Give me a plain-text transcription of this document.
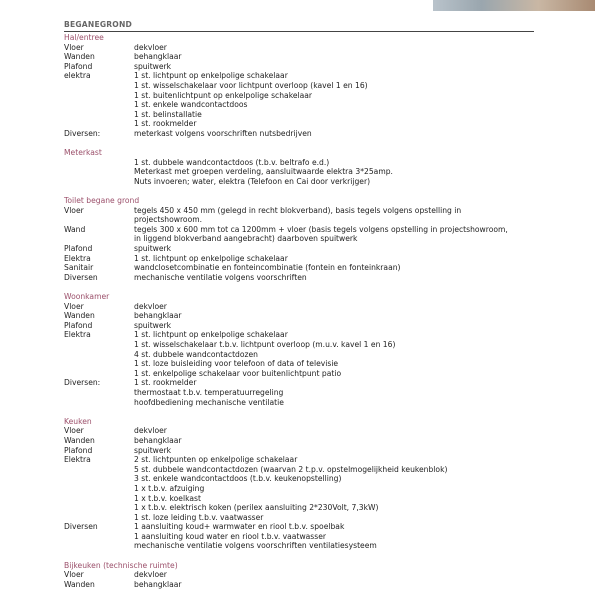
BEGANEGROND
Hal/entree
Vloer	dekvloer
Wanden	behangklaar
Plafond	spuitwerk
elektra	1 st. lichtpunt op enkelpolige schakelaar
1 st. wisselschakelaar voor lichtpunt overloop (kavel 1 en 16)
1 st. buitenlichtpunt op enkelpolige schakelaar
1 st. enkele wandcontactdoos
1 st. belinstallatie
1 st. rookmelder
Diversen:	meterkast volgens voorschriften nutsbedrijven
Meterkast
1 st. dubbele wandcontactdoos (t.b.v. beltrafo e.d.)
Meterkast met groepen verdeling, aansluitwaarde elektra 3*25amp.
Nuts invoeren; water, elektra (Telefoon en Cai door verkrijger)
Toilet begane grond
Vloer	tegels 450 x 450 mm (gelegd in recht blokverband), basis tegels volgens opstelling in
projectshowroom.
Wand	tegels 300 x 600 mm tot ca 1200mm + vloer (basis tegels volgens opstelling in projectshowroom,
in liggend blokverband aangebracht) daarboven spuitwerk
Plafond	spuitwerk
Elektra	1 st. lichtpunt op enkelpolige schakelaar
Sanitair	wandclosetcombinatie en fonteincombinatie (fontein en fonteinkraan)
Diversen	mechanische ventilatie volgens voorschriften
Woonkamer
Vloer	dekvloer
Wanden	behangklaar
Plafond	spuitwerk
Elektra	1 st. lichtpunt op enkelpolige schakelaar
1 st. wisselschakelaar t.b.v. lichtpunt overloop (m.u.v. kavel 1 en 16)
4 st. dubbele wandcontactdozen
1 st. loze buisleiding voor telefoon of data of televisie
1 st. enkelpolige schakelaar voor buitenlichtpunt patio
Diversen:	1 st. rookmelder
thermostaat t.b.v. temperatuurregeling
hoofdbediening mechanische ventilatie
Keuken
Vloer	dekvloer
Wanden	behangklaar
Plafond	spuitwerk
Elektra	2 st. lichtpunten op enkelpolige schakelaar
5 st. dubbele wandcontactdozen (waarvan 2 t.p.v. opstelmogelijkheid keukenblok)
3 st. enkele wandcontactdoos (t.b.v. keukenopstelling)
1 x t.b.v. afzuiging
1 x t.b.v. koelkast
1 x t.b.v. elektrisch koken (perilex aansluiting 2*230Volt, 7,3kW)
1 st. loze leiding t.b.v. vaatwasser
Diversen	1 aansluiting koud+ warmwater en riool t.b.v. spoelbak
1 aansluiting koud water en riool t.b.v. vaatwasser
mechanische ventilatie volgens voorschriften ventilatiesysteem
Bijkeuken (technische ruimte)
Vloer	dekvloer
Wanden	behangklaar
